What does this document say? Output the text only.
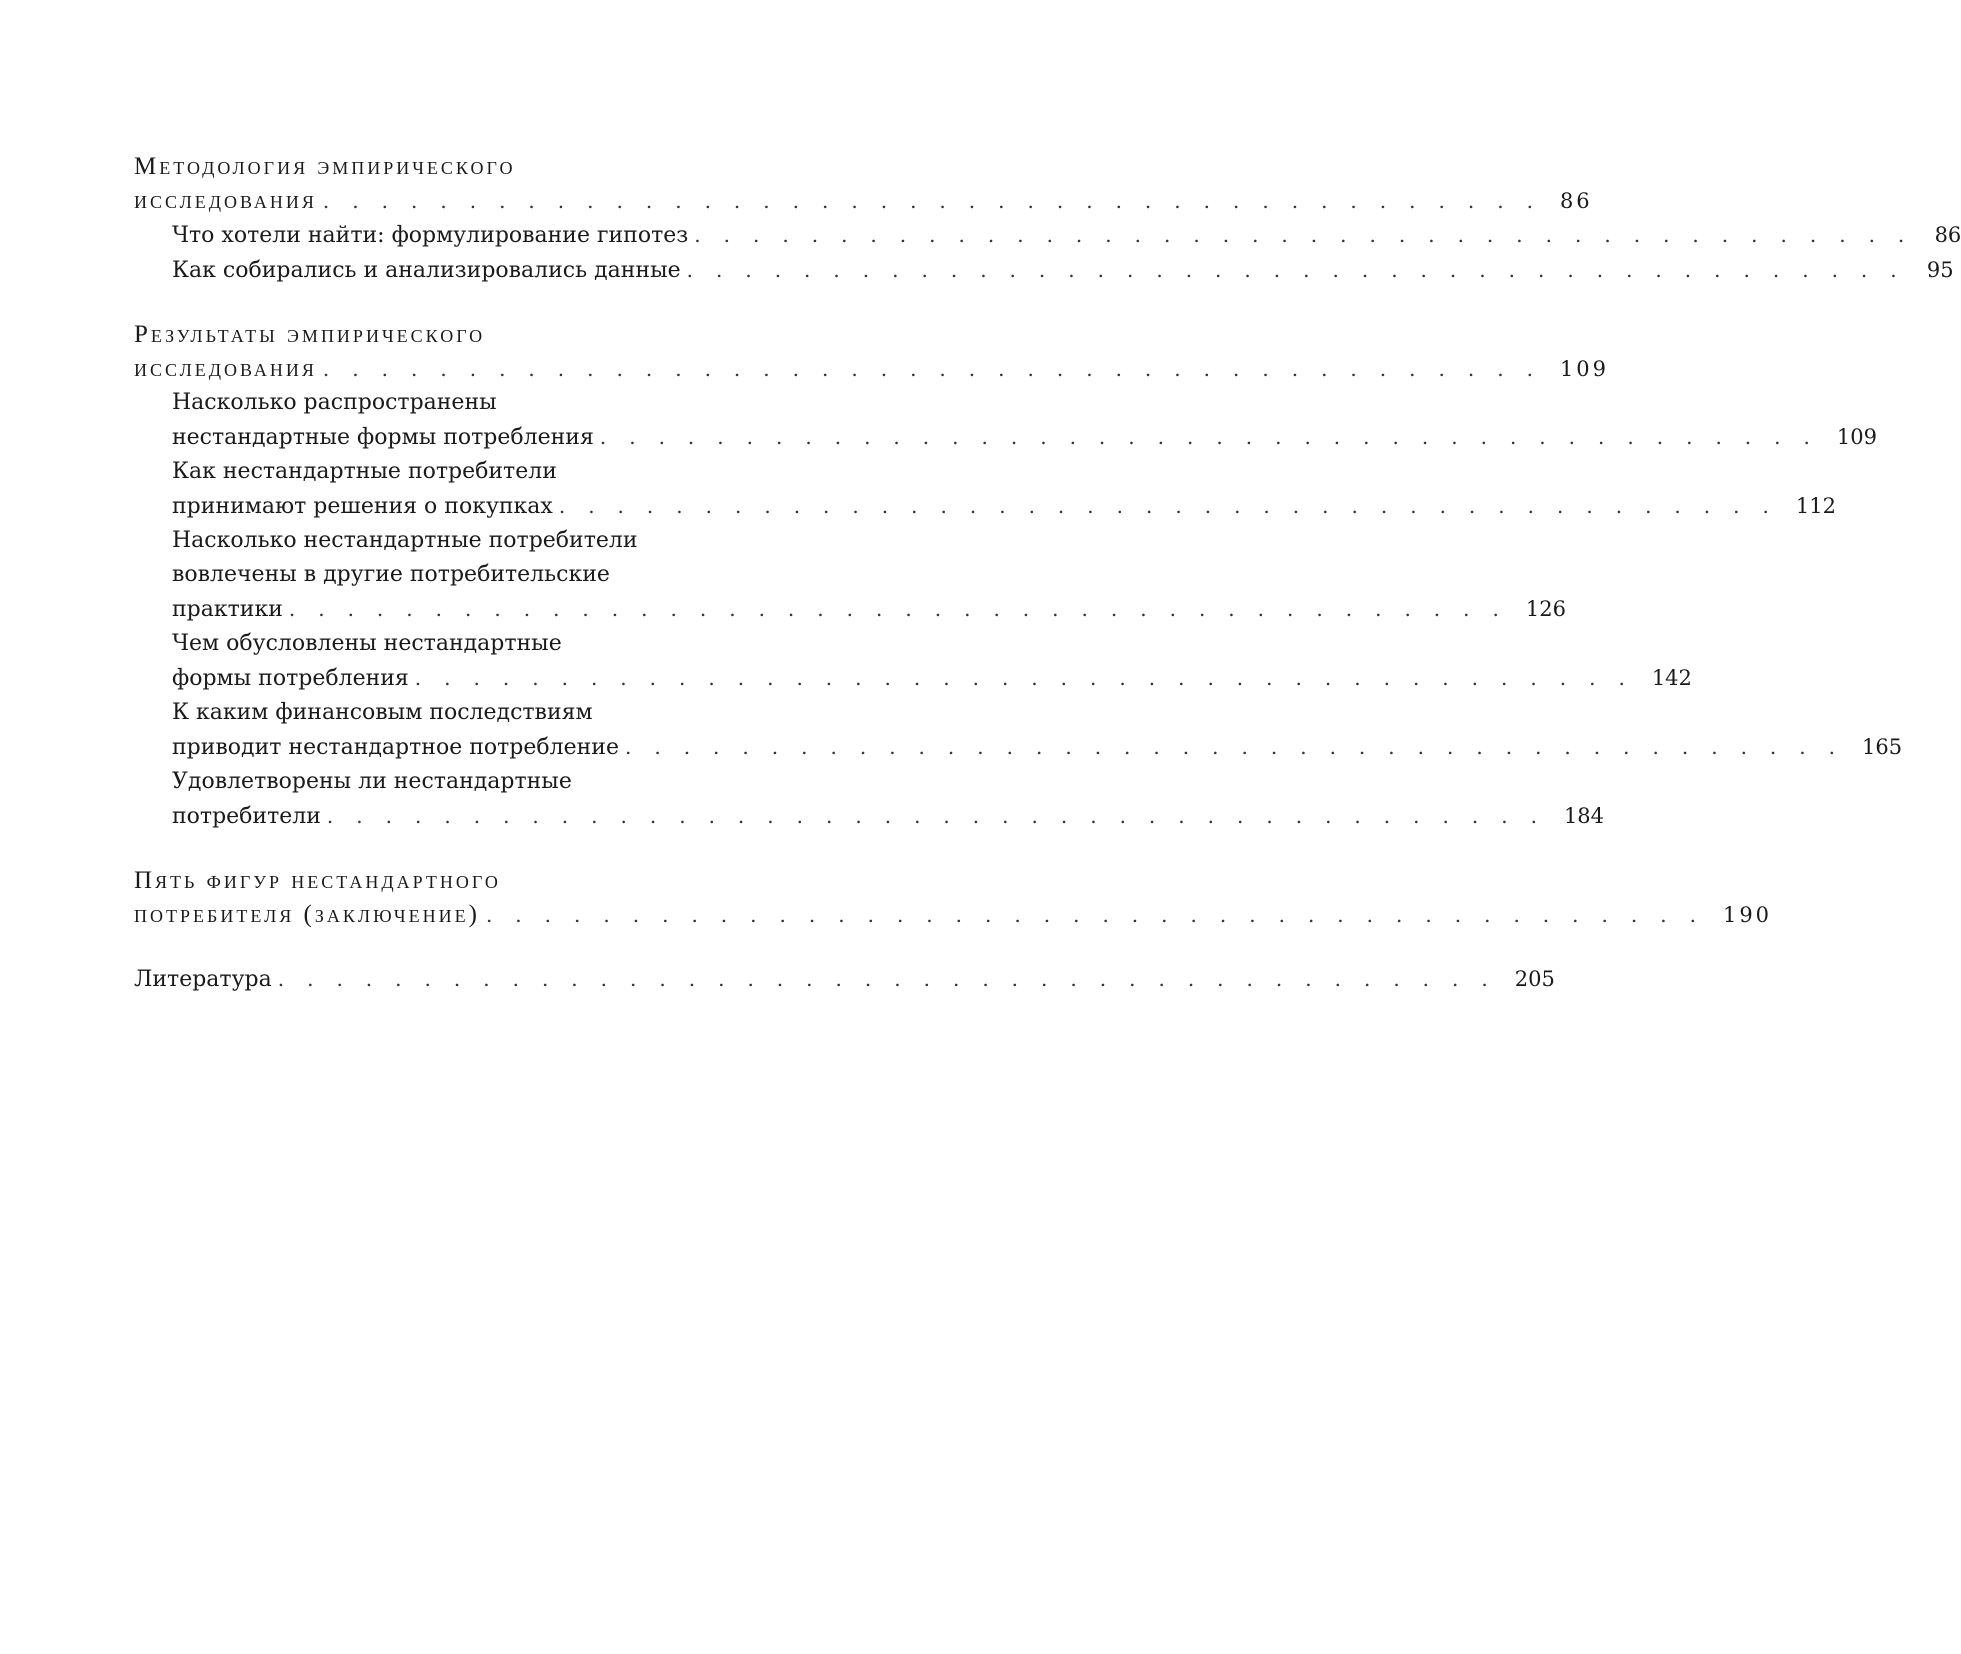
Методология эмпирического
исследования .......................................... 86
Что хотели найти: формулирование гипотез .......................................... 86
Как собирались и анализировались данные .......................................... 95
Результаты эмпирического
исследования .......................................... 109
Насколько распространены
нестандартные формы потребления .......................................... 109
Как нестандартные потребители
принимают решения о покупках .......................................... 112
Насколько нестандартные потребители
вовлечены в другие потребительские
практики .......................................... 126
Чем обусловлены нестандартные
формы потребления .......................................... 142
К каким финансовым последствиям
приводит нестандартное потребление .......................................... 165
Удовлетворены ли нестандартные
потребители .......................................... 184
Пять фигур нестандартного
потребителя (заключение) .......................................... 190
Литература .......................................... 205
